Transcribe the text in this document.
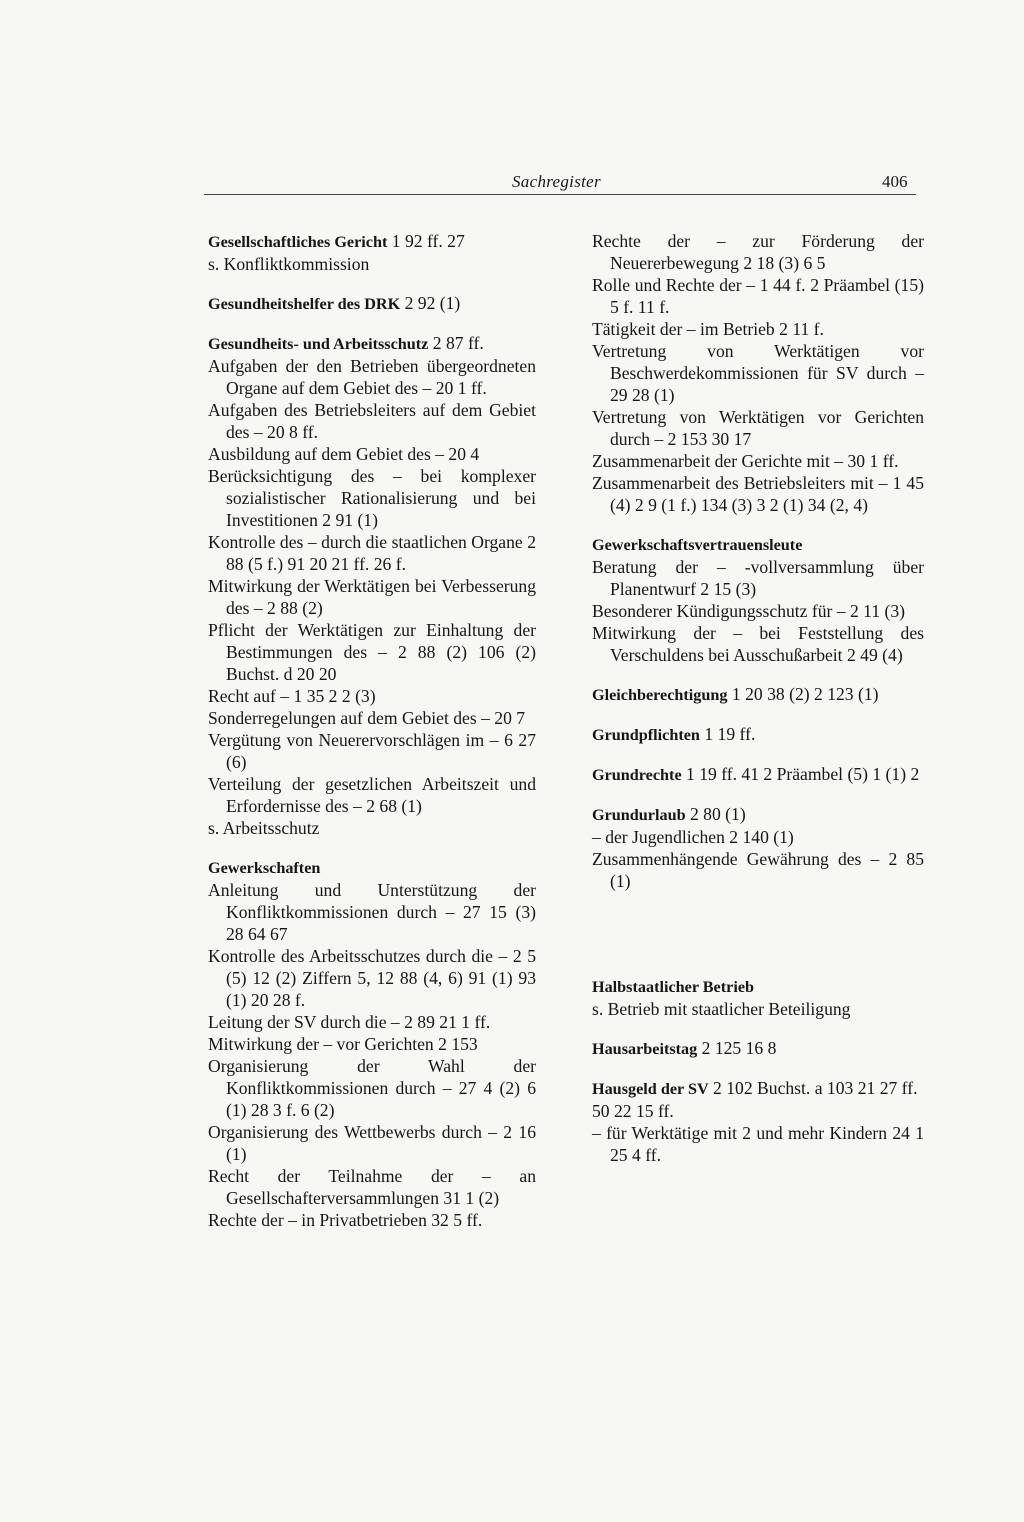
Sachregister	406

Gesellschaftliches Gericht 1 92 ff. 27

s. Konfliktkommission

Gesundheitshelfer des DRK 2 92 (1)

Gesundheits- und Arbeitsschutz 2 87 ff.

Aufgaben der den Betrieben übergeordneten Organe auf dem Gebiet des – 20 1 ff.

Aufgaben des Betriebsleiters auf dem Gebiet des – 20 8 ff.

Ausbildung auf dem Gebiet des – 20 4

Berücksichtigung des – bei komplexer sozialistischer Rationalisierung und bei Investitionen 2 91 (1)

Kontrolle des – durch die staatlichen Organe 2 88 (5 f.) 91 20 21 ff. 26 f.

Mitwirkung der Werktätigen bei Verbesserung des – 2 88 (2)

Pflicht der Werktätigen zur Einhaltung der Bestimmungen des – 2 88 (2) 106 (2) Buchst. d 20 20

Recht auf – 1 35 2 2 (3)

Sonderregelungen auf dem Gebiet des – 20 7

Vergütung von Neuerervorschlägen im – 6 27 (6)

Verteilung der gesetzlichen Arbeitszeit und Erfordernisse des – 2 68 (1)

s. Arbeitsschutz

Gewerkschaften

Anleitung und Unterstützung der Konfliktkommissionen durch – 27 15 (3) 28 64 67

Kontrolle des Arbeitsschutzes durch die – 2 5 (5) 12 (2) Ziffern 5, 12 88 (4, 6) 91 (1) 93 (1) 20 28 f.

Leitung der SV durch die – 2 89 21 1 ff.

Mitwirkung der – vor Gerichten 2 153

Organisierung der Wahl der Konfliktkommissionen durch – 27 4 (2) 6 (1) 28 3 f. 6 (2)

Organisierung des Wettbewerbs durch – 2 16 (1)

Recht der Teilnahme der – an Gesellschafterversammlungen 31 1 (2)

Rechte der – in Privatbetrieben 32 5 ff.

Rechte der – zur Förderung der Neuererbewegung 2 18 (3) 6 5

Rolle und Rechte der – 1 44 f. 2 Präambel (15) 5 f. 11 f.

Tätigkeit der – im Betrieb 2 11 f.

Vertretung von Werktätigen vor Beschwerdekommissionen für SV durch – 29 28 (1)

Vertretung von Werktätigen vor Gerichten durch – 2 153 30 17

Zusammenarbeit der Gerichte mit – 30 1 ff.

Zusammenarbeit des Betriebsleiters mit – 1 45 (4) 2 9 (1 f.) 134 (3) 3 2 (1) 34 (2, 4)

Gewerkschaftsvertrauensleute

Beratung der – -vollversammlung über Planentwurf 2 15 (3)

Besonderer Kündigungsschutz für – 2 11 (3)

Mitwirkung der – bei Feststellung des Verschuldens bei Ausschußarbeit 2 49 (4)

Gleichberechtigung 1 20 38 (2) 2 123 (1)

Grundpflichten 1 19 ff.

Grundrechte 1 19 ff. 41 2 Präambel (5) 1 (1) 2

Grundurlaub 2 80 (1)

– der Jugendlichen 2 140 (1)

Zusammenhängende Gewährung des – 2 85 (1)

Halbstaatlicher Betrieb

s. Betrieb mit staatlicher Beteiligung

Hausarbeitstag 2 125 16 8

Hausgeld der SV 2 102 Buchst. a 103 21 27 ff. 50 22 15 ff.

– für Werktätige mit 2 und mehr Kindern 24 1 25 4 ff.
